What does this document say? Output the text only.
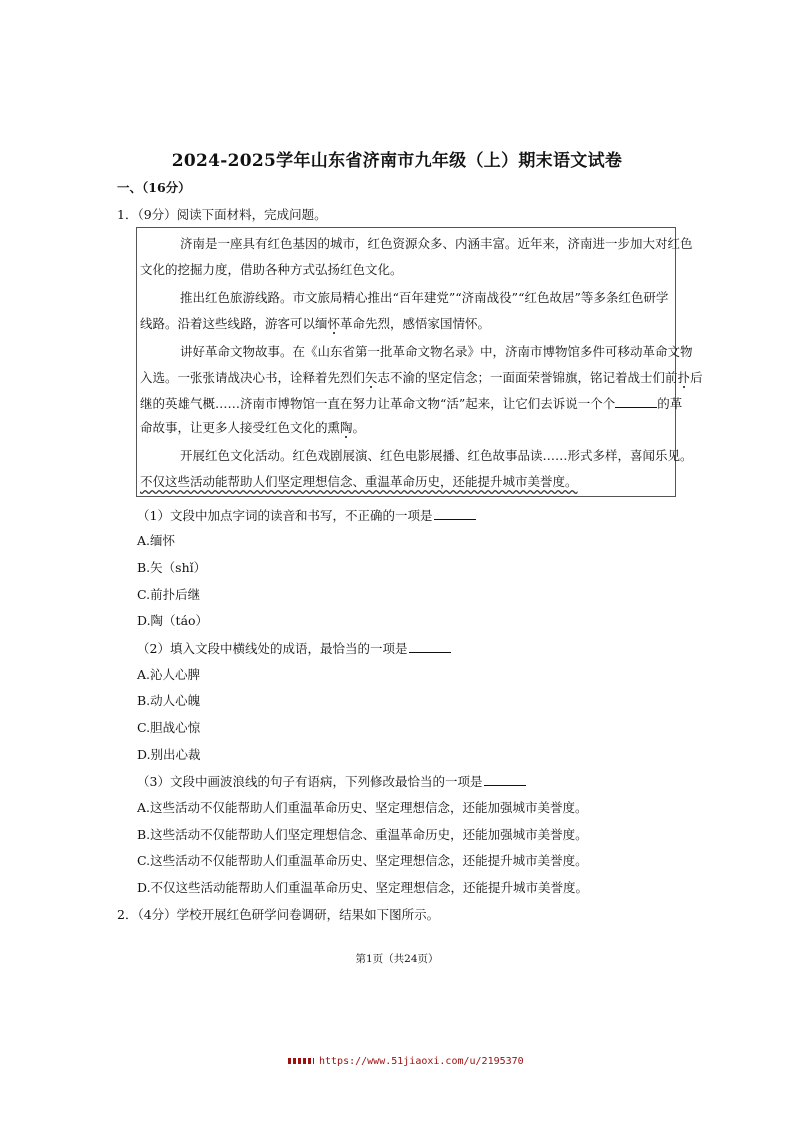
2024-2025学年山东省济南市九年级（上）期末语文试卷
一、（16分）
1．（9分）阅读下面材料，完成问题。
济南是一座具有红色基因的城市，红色资源众多、内涵丰富。近年来，济南进一步加大对红色
文化的挖掘力度，借助各种方式弘扬红色文化。
推出红色旅游线路。市文旅局精心推出“百年建党”“济南战役”“红色故居”等多条红色研学
线路。沿着这些线路，游客可以缅怀革命先烈，感悟家国情怀。
讲好革命文物故事。在《山东省第一批革命文物名录》中，济南市博物馆多件可移动革命文物
入选。一张张请战决心书，诠释着先烈们矢志不渝的坚定信念；一面面荣誉锦旗，铭记着战士们前扑后
继的英雄气概……济南市博物馆一直在努力让革命文物“活”起来，让它们去诉说一个个	的革
命故事，让更多人接受红色文化的熏陶。
开展红色文化活动。红色戏剧展演、红色电影展播、红色故事品读……形式多样，喜闻乐见。
不仅这些活动能帮助人们坚定理想信念、重温革命历史，还能提升城市美誉度。
（1）文段中加点字词的读音和书写，不正确的一项是
A.缅怀
B.矢（shǐ）
C.前扑后继
D.陶（táo）
（2）填入文段中横线处的成语，最恰当的一项是
A.沁人心脾
B.动人心魄
C.胆战心惊
D.别出心裁
（3）文段中画波浪线的句子有语病，下列修改最恰当的一项是
A.这些活动不仅能帮助人们重温革命历史、坚定理想信念，还能加强城市美誉度。
B.这些活动不仅能帮助人们坚定理想信念、重温革命历史，还能加强城市美誉度。
C.这些活动不仅能帮助人们重温革命历史、坚定理想信念，还能提升城市美誉度。
D.不仅这些活动能帮助人们重温革命历史、坚定理想信念，还能提升城市美誉度。
2．（4分）学校开展红色研学问卷调研，结果如下图所示。
第1页（共24页）
https://www.51jiaoxi.com/u/2195370
